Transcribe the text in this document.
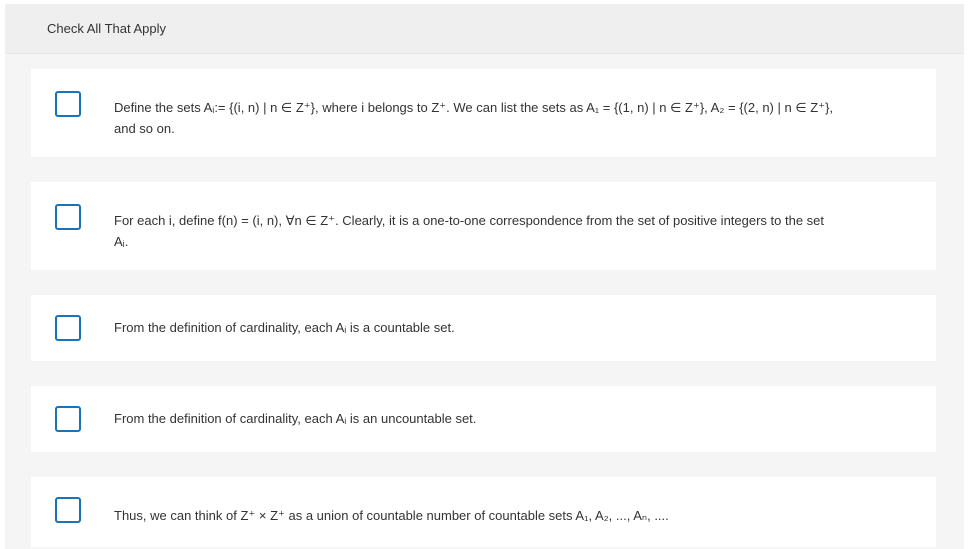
Check All That Apply

Define the sets Aᵢ:= {(i, n) | n ∈ Z⁺}, where i belongs to Z⁺. We can list the sets as A₁ = {(1, n) | n ∈ Z⁺}, A₂ = {(2, n) | n ∈ Z⁺},

and so on.

For each i, define f(n) = (i, n), ∀n ∈ Z⁺. Clearly, it is a one-to-one correspondence from the set of positive integers to the set

Aᵢ.

From the definition of cardinality, each Aᵢ is a countable set.

From the definition of cardinality, each Aᵢ is an uncountable set.

Thus, we can think of Z⁺ × Z⁺ as a union of countable number of countable sets A₁, A₂, ..., Aₙ, ....
